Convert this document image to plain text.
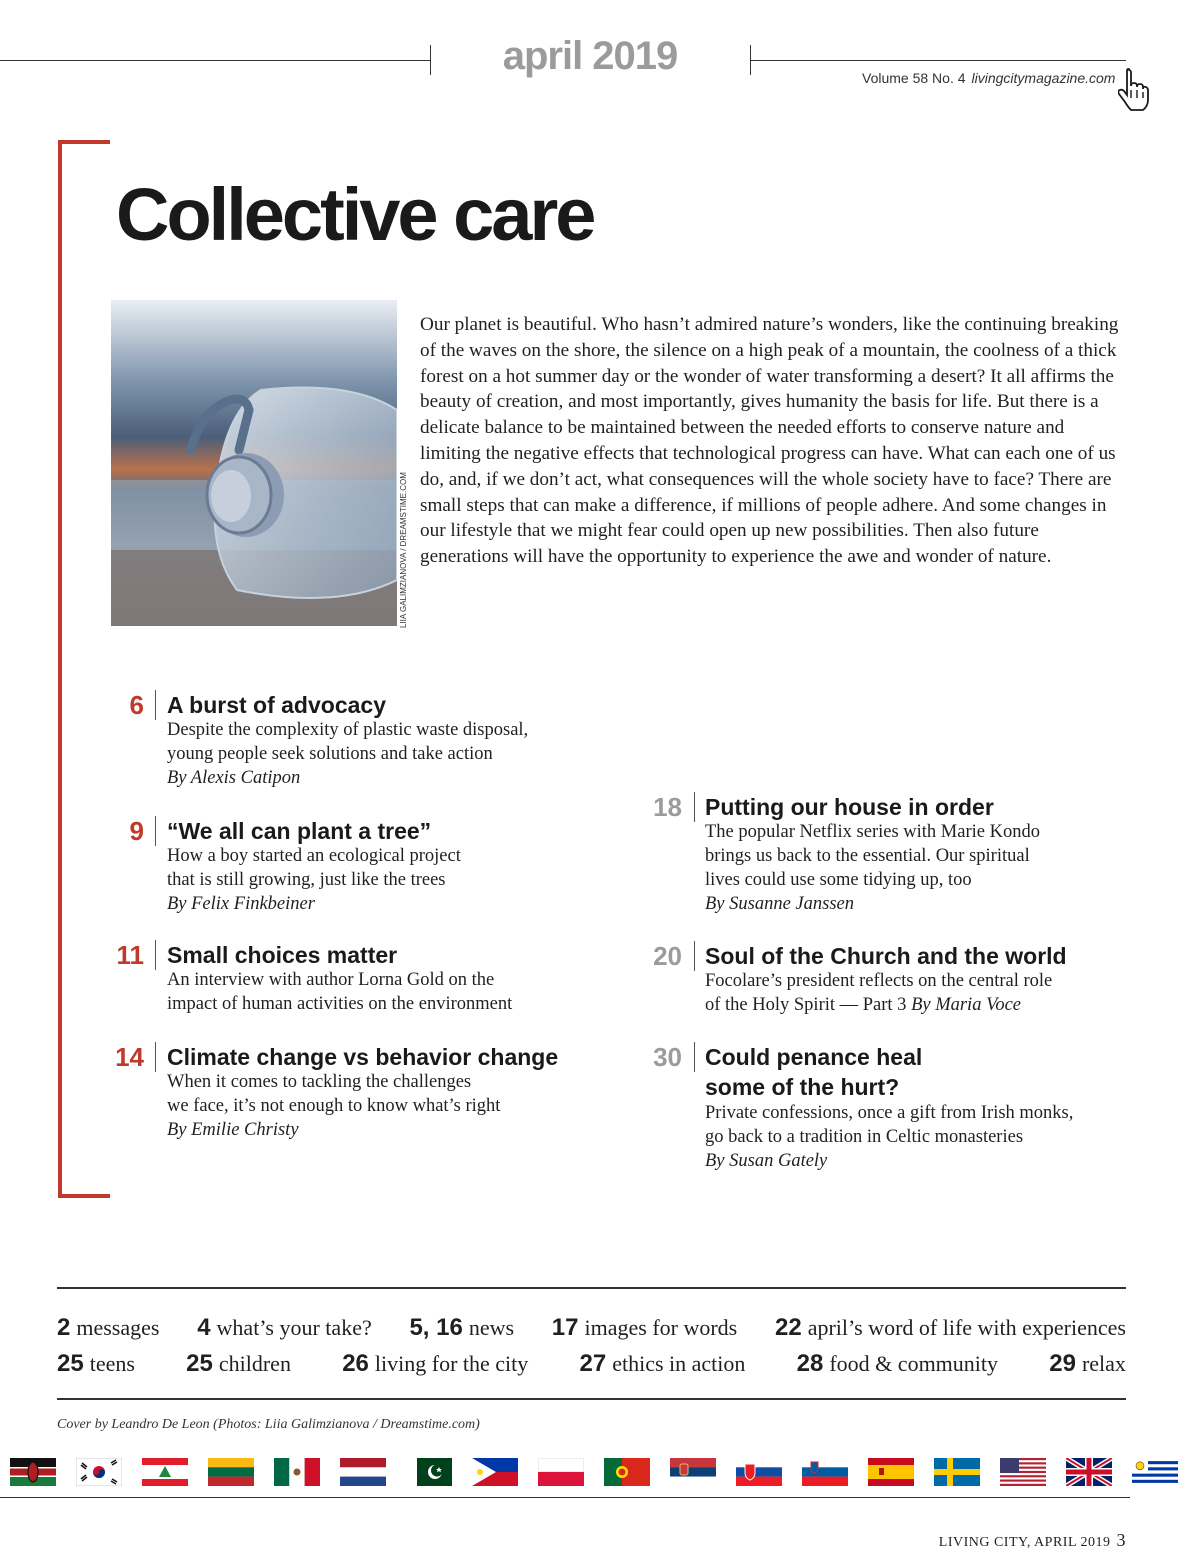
april 2019	Volume 58 No. 4 livingcitymagazine.com
Collective care
LIIA GALIMZIANOVA / DREAMSTIME.COM
Our planet is beautiful. Who hasn’t admired nature’s wonders, like the continuing breaking of the waves on the shore, the silence on a high peak of a mountain, the coolness of a thick forest on a hot summer day or the wonder of water transforming a desert? It all affirms the beauty of creation, and most importantly, gives humanity the basis for life. But there is a delicate balance to be maintained between the needed efforts to conserve nature and limiting the negative effects that technological progress can have. What can each one of us do, and, if we don’t act, what consequences will the whole society have to face? There are small steps that can make a difference, if millions of people adhere. And some changes in our lifestyle that we might fear could open up new possibilities. Then also future generations will have the opportunity to experience the awe and wonder of nature.
6 A burst of advocacy
Despite the complexity of plastic waste disposal,
young people seek solutions and take action
By Alexis Catipon
9 “We all can plant a tree”
How a boy started an ecological project
that is still growing, just like the trees
By Felix Finkbeiner
11 Small choices matter
An interview with author Lorna Gold on the
impact of human activities on the environment
14 Climate change vs behavior change
When it comes to tackling the challenges
we face, it’s not enough to know what’s right
By Emilie Christy
18 Putting our house in order
The popular Netflix series with Marie Kondo
brings us back to the essential. Our spiritual
lives could use some tidying up, too
By Susanne Janssen
20 Soul of the Church and the world
Focolare’s president reflects on the central role
of the Holy Spirit — Part 3 By Maria Voce
30 Could penance heal
some of the hurt?
Private confessions, once a gift from Irish monks,
go back to a tradition in Celtic monasteries
By Susan Gately
2 messages 4 what’s your take? 5, 16 news 17 images for words 22 april’s word of life with experiences
25 teens 25 children 26 living for the city 27 ethics in action 28 food & community 29 relax
Cover by Leandro De Leon (Photos: Liia Galimzianova / Dreamstime.com)
LIVING CITY, APRIL 2019 3
